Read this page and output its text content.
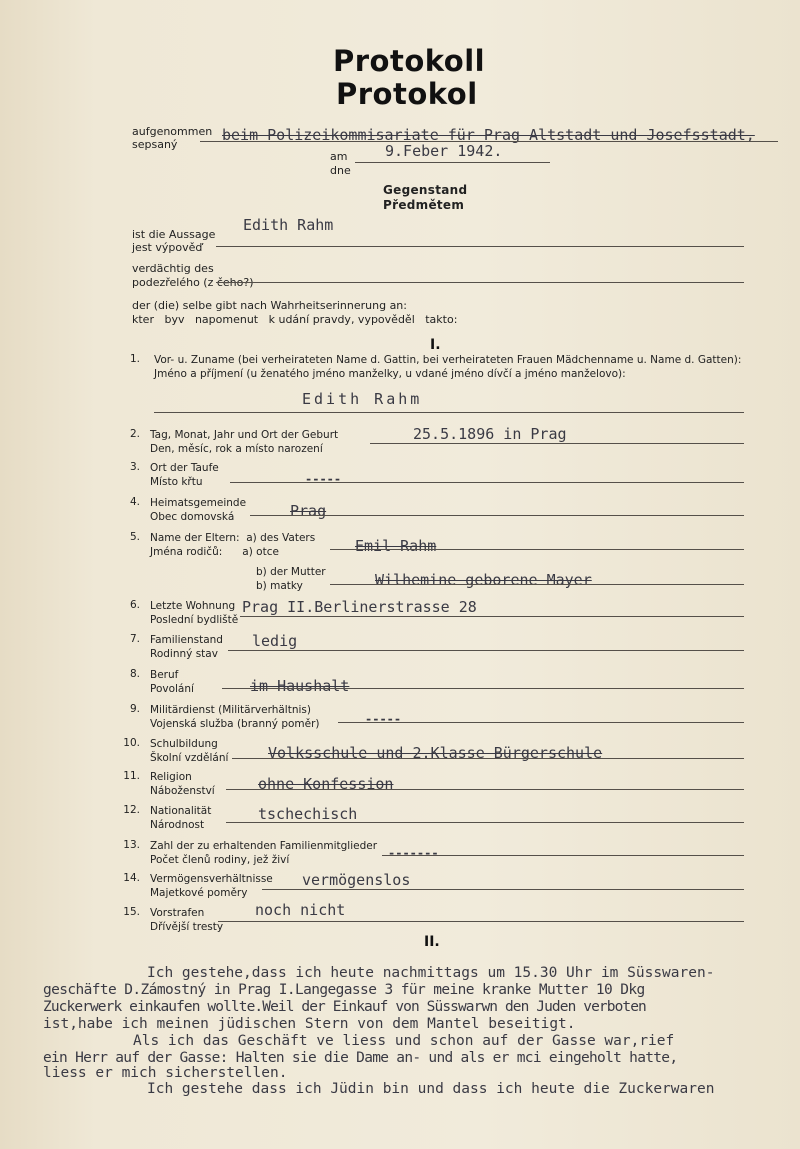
Protokoll
Protokol
aufgenommen
sepsaný
beim Polizeikommisariate für Prag Altstadt und Josefsstadt,
am
dne
9.Feber 1942.
Gegenstand
Předmětem
ist die Aussage
jest výpověď
Edith Rahm
verdächtig des
podezřelého (z čeho?)
der (die) selbe gibt nach Wahrheitserinnerung an:
kter   byv   napomenut   k udání pravdy, vypověděl   takto:
I.
1. Vor- u. Zuname (bei verheirateten Name d. Gattin, bei verheirateten Frauen Mädchenname u. Name d. Gatten):
Jméno a příjmení (u ženatého jméno manželky, u vdané jméno dívčí a jméno manželovo):
Edith Rahm
2. Tag, Monat, Jahr und Ort der Geburt
Den, měsíc, rok a místo narození
25.5.1896 in Prag
3. Ort der Taufe
Místo křtu	-----
4. Heimatsgemeinde
Obec domovská	Prag
5. Name der Eltern:  a) des Vaters
Jména rodičů:      a) otce	Emil Rahm
b) der Mutter
b) matky	Wilhemine geborene Mayer
6. Letzte Wohnung
Poslední bydliště
Prag II.Berlinerstrasse 28
7. Familienstand
Rodinný stav
ledig
8. Beruf
Povolání	im Haushalt
9. Militärdienst (Militärverhältnis)
Vojenská služba (branný poměr)	-----
10. Schulbildung
Školní vzdělání	Volksschule und 2.Klasse Bürgerschule
11. Religion
Náboženství	ohne Konfession
12. Nationalität
Národnost
tschechisch
13. Zahl der zu erhaltenden Familienmitglieder
Počet členů rodiny, jež živí	-------
14. Vermögensverhältnisse
Majetkové poměry
vermögenslos
15. Vorstrafen
Dřívější tresty
noch nicht
II.
Ich gestehe,dass ich heute nachmittags um 15.30 Uhr im Süsswaren-
geschäfte D.Zámostný in Prag I.Langegasse 3 für meine kranke Mutter 10 Dkg
Zuckerwerk einkaufen wollte.Weil der Einkauf von Süsswarwn den Juden verboten
ist,habe ich meinen jüdischen Stern von dem Mantel beseitigt.
Als ich das Geschäft ve liess und schon auf der Gasse war,rief
ein Herr auf der Gasse: Halten sie die Dame an- und als er mci eingeholt hatte,
liess er mich sicherstellen.
Ich gestehe dass ich Jüdin bin und dass ich heute die Zuckerwaren
